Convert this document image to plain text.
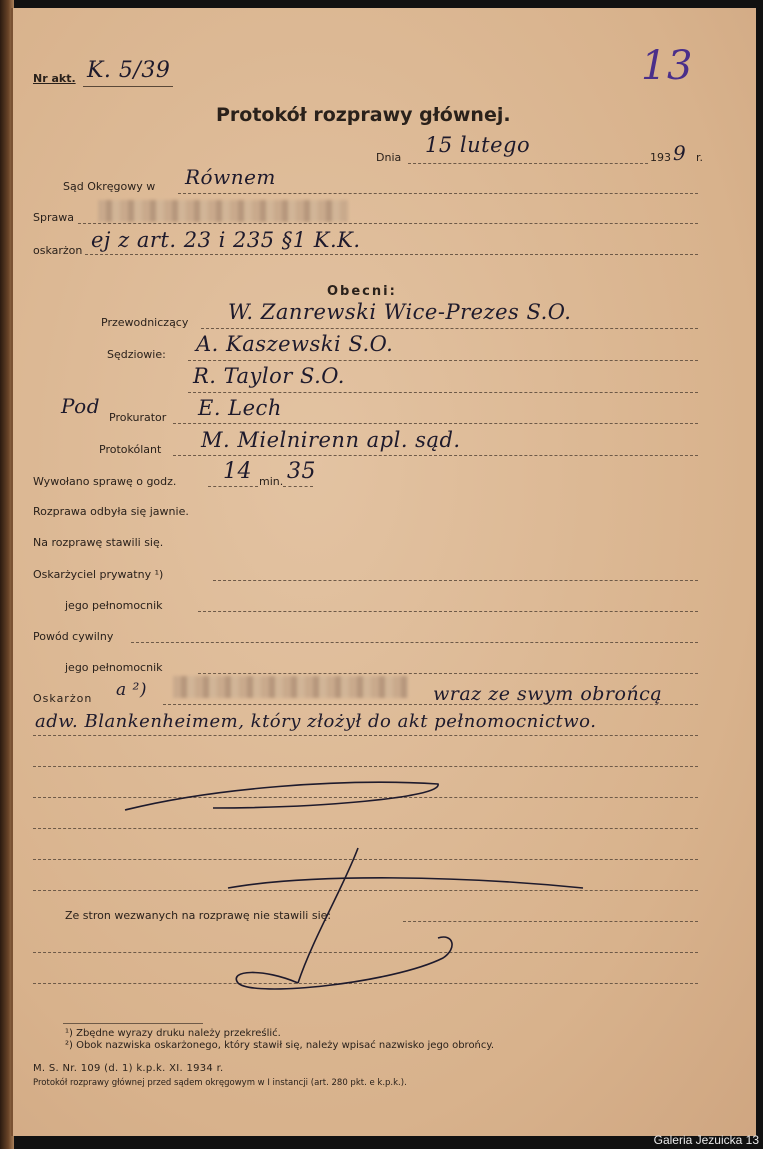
Nr akt. K. 5/39	13
Protokół rozprawy głównej.
Dnia
15 lutego
193 9 r.
Sąd Okręgowy w Równem
Sprawa
oskarżon ej z art. 23 i 235 §1 K.K.
Obecni:
Przewodniczący W. Zanrewski Wice-Prezes S.O.
Sędziowie: A. Kaszewski S.O.
R. Taylor S.O.
Pod Prokurator E. Lech
Protokólant M. Mielnirenn apl. sąd.
Wywołano sprawę o godz. 14 min. 35
Rozprawa odbyła się jawnie.
Na rozprawę stawili się.
Oskarżyciel prywatny ¹)
jego pełnomocnik
Powód cywilny
jego pełnomocnik
Oskarżon a ²)	wraz ze swym obrońcą
adw. Blankenheimem, który złożył do akt pełnomocnictwo.
Ze stron wezwanych na rozprawę nie stawili się:
¹) Zbędne wyrazy druku należy przekreślić.
²) Obok nazwiska oskarżonego, który stawił się, należy wpisać nazwisko jego obrońcy.
M. S. Nr. 109 (d. 1) k.p.k. XI. 1934 r.
Protokół rozprawy głównej przed sądem okręgowym w I instancji (art. 280 pkt. e k.p.k.).
Galeria Jezuicka 13
